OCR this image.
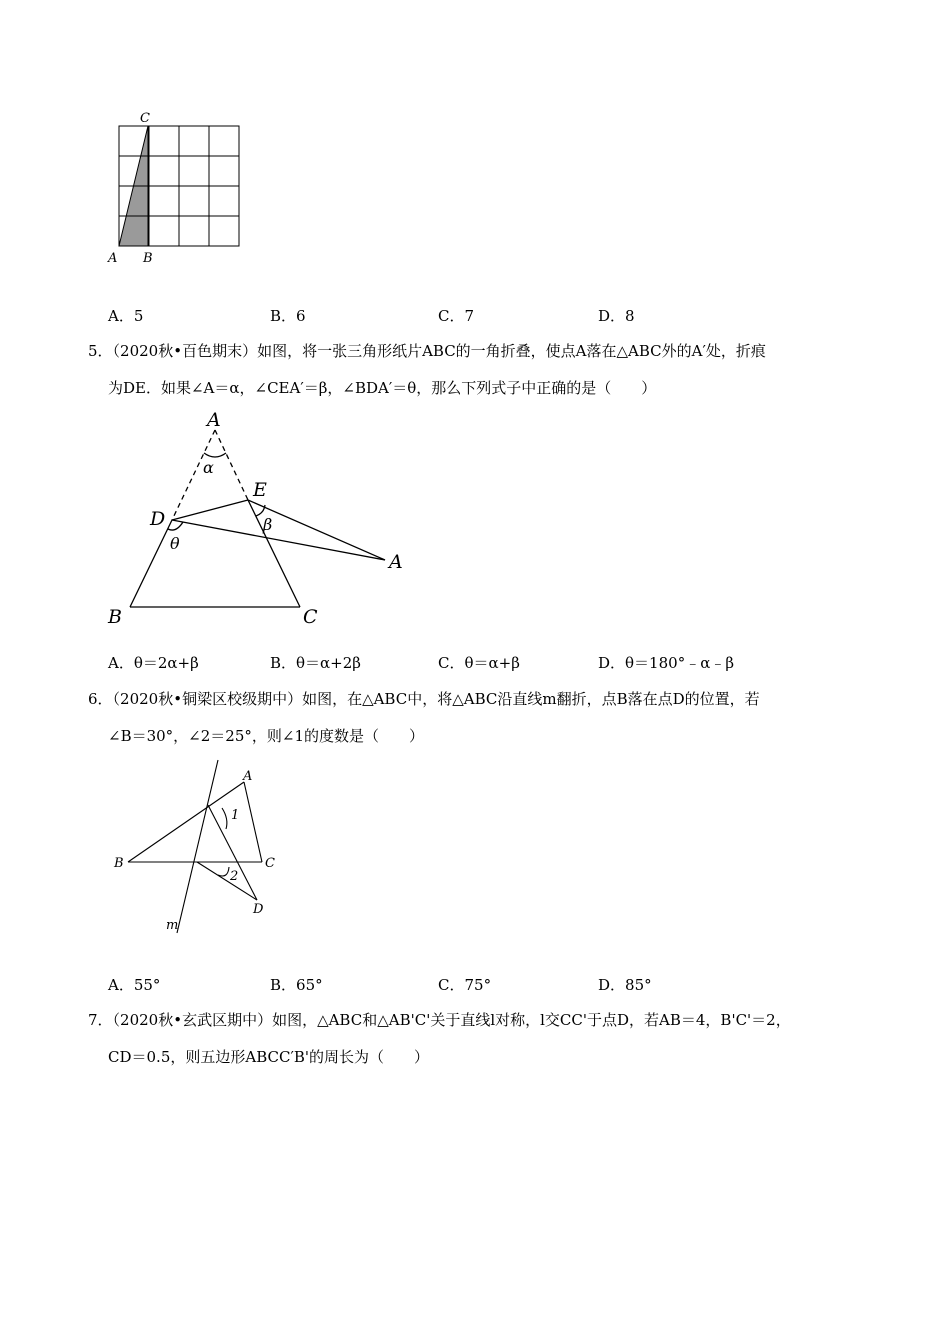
C
A B
A．5	B．6	C．7	D．8
5．（2020秋•百色期末）如图，将一张三角形纸片ABC的一角折叠，使点A落在△ABC外的A′处，折痕
为DE．如果∠A＝α，∠CEA′＝β，∠BDA′＝θ，那么下列式子中正确的是（　　）
A
α
E
D	β
θ
A
B	C
A．θ＝2α+β	B．θ＝α+2β	C．θ＝α+β	D．θ＝180°﹣α﹣β
6．（2020秋•铜梁区校级期中）如图，在△ABC中，将△ABC沿直线m翻折，点B落在点D的位置，若
∠B＝30°，∠2＝25°，则∠1的度数是（　　）
A
1
B	C
2
D
m
A．55°	B．65°	C．75°	D．85°
7．（2020秋•玄武区期中）如图，△ABC和△AB'C'关于直线l对称，l交CC'于点D，若AB＝4，B'C'＝2，
CD＝0.5，则五边形ABCC′B'的周长为（　　）
